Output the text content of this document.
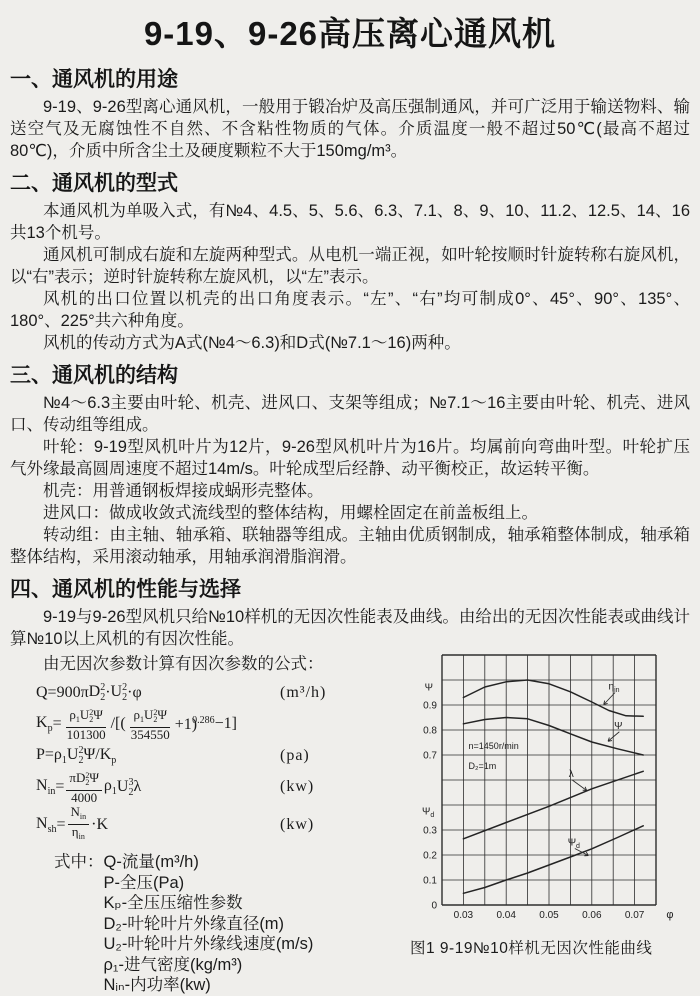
9-19、9-26高压离心通风机
一、通风机的用途

9-19、9-26型离心通风机，一般用于锻冶炉及高压强制通风，并可广泛用于输送物料、输送空气及无腐蚀性不自然、不含粘性物质的气体。介质温度一般不超过50℃(最高不超过80℃)，介质中所含尘土及硬度颗粒不大于150mg/m³。

二、通风机的型式

本通风机为单吸入式，有№4、4.5、5、5.6、6.3、7.1、8、9、10、11.2、12.5、14、16共13个机号。

通风机可制成右旋和左旋两种型式。从电机一端正视，如叶轮按顺时针旋转称右旋风机，以“右”表示；逆时针旋转称左旋风机，以“左”表示。

风机的出口位置以机壳的出口角度表示。“左”、“右”均可制成0°、45°、90°、135°、180°、225°共六种角度。

风机的传动方式为A式(№4～6.3)和D式(№7.1～16)两种。

三、通风机的结构

№4～6.3主要由叶轮、机壳、进风口、支架等组成；№7.1～16主要由叶轮、机壳、进风口、传动组等组成。

叶轮：9-19型风机叶片为12片，9-26型风机叶片为16片。均属前向弯曲叶型。叶轮扩压气外缘最高圆周速度不超过14m/s。叶轮成型后经静、动平衡校正，故运转平衡。

机壳：用普通钢板焊接成蜗形壳整体。

进风口：做成收敛式流线型的整体结构，用螺栓固定在前盖板组上。

转动组：由主轴、轴承箱、联轴器等组成。主轴由优质钢制成，轴承箱整体制成，轴承箱整体结构，采用滚动轴承，用轴承润滑脂润滑。

四、通风机的性能与选择

9-19与9-26型风机只给№10样机的无因次性能表及曲线。由给出的无因次性能表或曲线计算№10以上风机的有因次性能。

由无因次参数计算有因次参数的公式：

Q=900π $D_2^2 \cdot U_2^2 \cdot\varphi$	(m³/h)
$K_p = \frac{\rho_1U_2^2\Psi}{101300}$ /[( $\frac{\rho_1U_2^2\Psi}{354550} +1)^{0.286} -1$]
$P=\rho_1$ $U_2^2$ $\Psi/K_p$	(pa)
$N_{in} = \frac{\pi D_2^2\Psi}{4000} \rho_1$ $U_2^3$ λ	(kw)
$N_{sh} = \frac{N_{in}}{\eta_{in}} \cdot K$	(kw)
式中： Q-流量(m³/h)
P-全压(Pa)
Kₚ-全压压缩性参数
D₂-叶轮叶片外缘直径(m)
U₂-叶轮叶片外缘线速度(m/s)
ρ₁-进气密度(kg/m³)
Nᵢₙ-内功率(kw)
0
0.1
0.2
0.3
0.7
0.8
0.9
Ψ
$\Psi_d$
0.03 0.04 0.05 0.06 0.07 φ
n=1450r/min
D₂=1m
$\eta_{in}$
Ψ
λ
$\Psi_d$
图1 9-19№10样机无因次性能曲线
